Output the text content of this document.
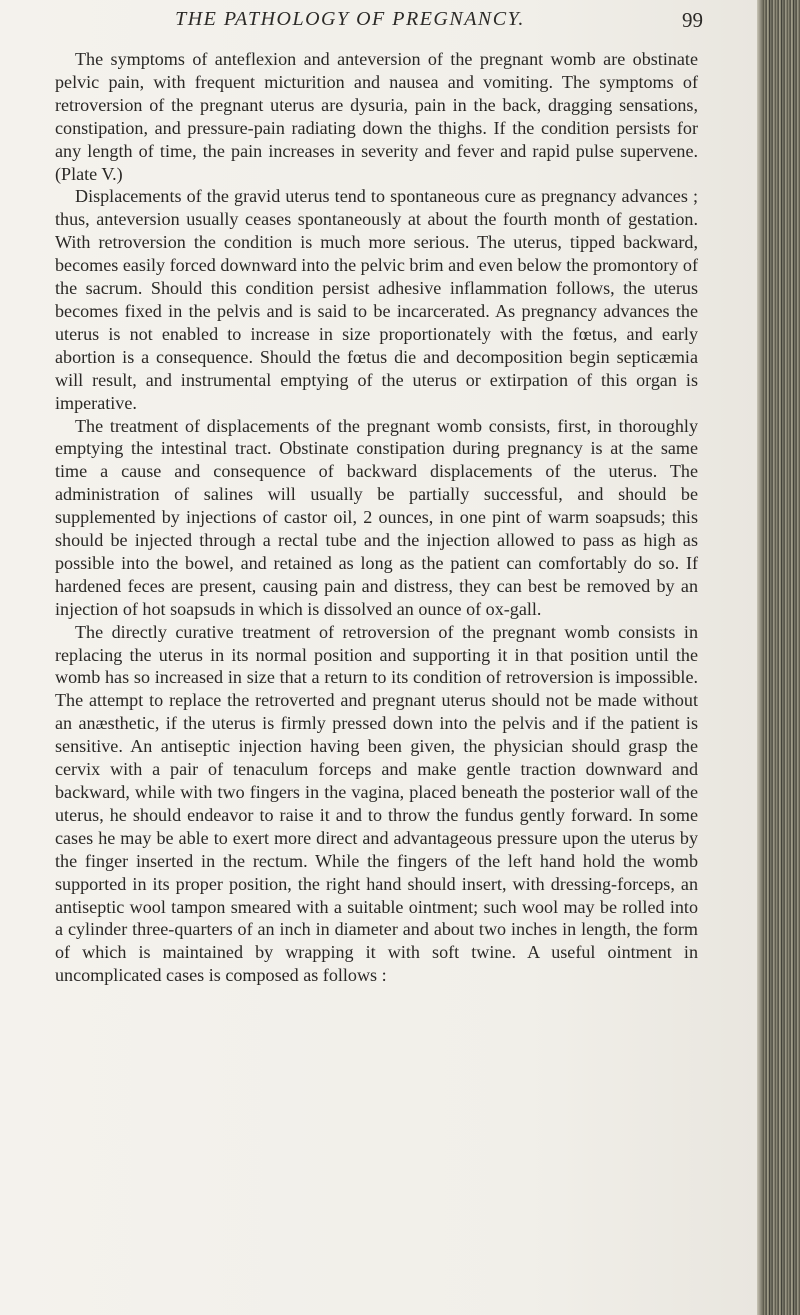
THE PATHOLOGY OF PREGNANCY.	99

The symptoms of anteflexion and anteversion of the pregnant womb are obstinate pelvic pain, with frequent micturition and nausea and vomiting. The symptoms of retroversion of the pregnant uterus are dysuria, pain in the back, dragging sensations, constipation, and pressure-pain radiating down the thighs. If the condition persists for any length of time, the pain increases in severity and fever and rapid pulse supervene. (Plate V.)

Displacements of the gravid uterus tend to spontaneous cure as pregnancy advances ; thus, anteversion usually ceases spontaneously at about the fourth month of gestation. With retroversion the condition is much more serious. The uterus, tipped backward, becomes easily forced downward into the pelvic brim and even below the promontory of the sacrum. Should this condition persist adhesive inflammation follows, the uterus becomes fixed in the pelvis and is said to be incarcerated. As pregnancy advances the uterus is not enabled to increase in size proportionately with the fœtus, and early abortion is a consequence. Should the fœtus die and decomposition begin septicæmia will result, and instrumental emptying of the uterus or extirpation of this organ is imperative.

The treatment of displacements of the pregnant womb consists, first, in thoroughly emptying the intestinal tract. Obstinate constipation during pregnancy is at the same time a cause and consequence of backward displacements of the uterus. The administration of salines will usually be partially successful, and should be supplemented by injections of castor oil, 2 ounces, in one pint of warm soapsuds; this should be injected through a rectal tube and the injection allowed to pass as high as possible into the bowel, and retained as long as the patient can comfortably do so. If hardened feces are present, causing pain and distress, they can best be removed by an injection of hot soapsuds in which is dissolved an ounce of ox-gall.

The directly curative treatment of retroversion of the pregnant womb consists in replacing the uterus in its normal position and supporting it in that position until the womb has so increased in size that a return to its condition of retroversion is impossible. The attempt to replace the retroverted and pregnant uterus should not be made without an anæsthetic, if the uterus is firmly pressed down into the pelvis and if the patient is sensitive. An antiseptic injection having been given, the physician should grasp the cervix with a pair of tenaculum forceps and make gentle traction downward and backward, while with two fingers in the vagina, placed beneath the posterior wall of the uterus, he should endeavor to raise it and to throw the fundus gently forward. In some cases he may be able to exert more direct and advantageous pressure upon the uterus by the finger inserted in the rectum. While the fingers of the left hand hold the womb supported in its proper position, the right hand should insert, with dressing-forceps, an antiseptic wool tampon smeared with a suitable ointment; such wool may be rolled into a cylinder three-quarters of an inch in diameter and about two inches in length, the form of which is maintained by wrapping it with soft twine. A useful ointment in uncomplicated cases is composed as follows :
